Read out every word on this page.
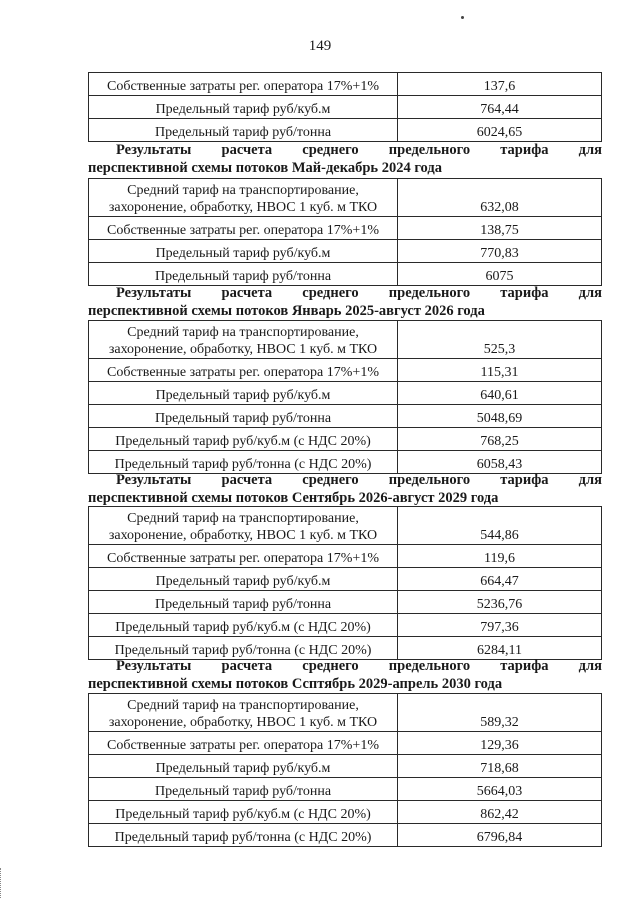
149
Собственные затраты рег. оператора 17%+1%	137,6
Предельный тариф руб/куб.м	764,44
Предельный тариф руб/тонна	6024,65
Результаты расчета среднего предельного тарифа для
перспективной схемы потоков Май-декабрь 2024 года
Средний тариф на транспортирование, захоронение, обработку, НВОС 1 куб. м ТКО	632,08
Собственные затраты рег. оператора 17%+1%	138,75
Предельный тариф руб/куб.м	770,83
Предельный тариф руб/тонна	6075
Результаты расчета среднего предельного тарифа для
перспективной схемы потоков Январь 2025-август 2026 года
Средний тариф на транспортирование, захоронение, обработку, НВОС 1 куб. м ТКО	525,3
Собственные затраты рег. оператора 17%+1%	115,31
Предельный тариф руб/куб.м	640,61
Предельный тариф руб/тонна	5048,69
Предельный тариф руб/куб.м (с НДС 20%)	768,25
Предельный тариф руб/тонна (с НДС 20%)	6058,43
Результаты расчета среднего предельного тарифа для
перспективной схемы потоков Сентябрь 2026-август 2029 года
Средний тариф на транспортирование, захоронение, обработку, НВОС 1 куб. м ТКО	544,86
Собственные затраты рег. оператора 17%+1%	119,6
Предельный тариф руб/куб.м	664,47
Предельный тариф руб/тонна	5236,76
Предельный тариф руб/куб.м (с НДС 20%)	797,36
Предельный тариф руб/тонна (с НДС 20%)	6284,11
Результаты расчета среднего предельного тарифа для
перспективной схемы потоков Ссптябрь 2029-апрель 2030 года
Средний тариф на транспортирование, захоронение, обработку, НВОС 1 куб. м ТКО	589,32
Собственные затраты рег. оператора 17%+1%	129,36
Предельный тариф руб/куб.м	718,68
Предельный тариф руб/тонна	5664,03
Предельный тариф руб/куб.м (с НДС 20%)	862,42
Предельный тариф руб/тонна (с НДС 20%)	6796,84
